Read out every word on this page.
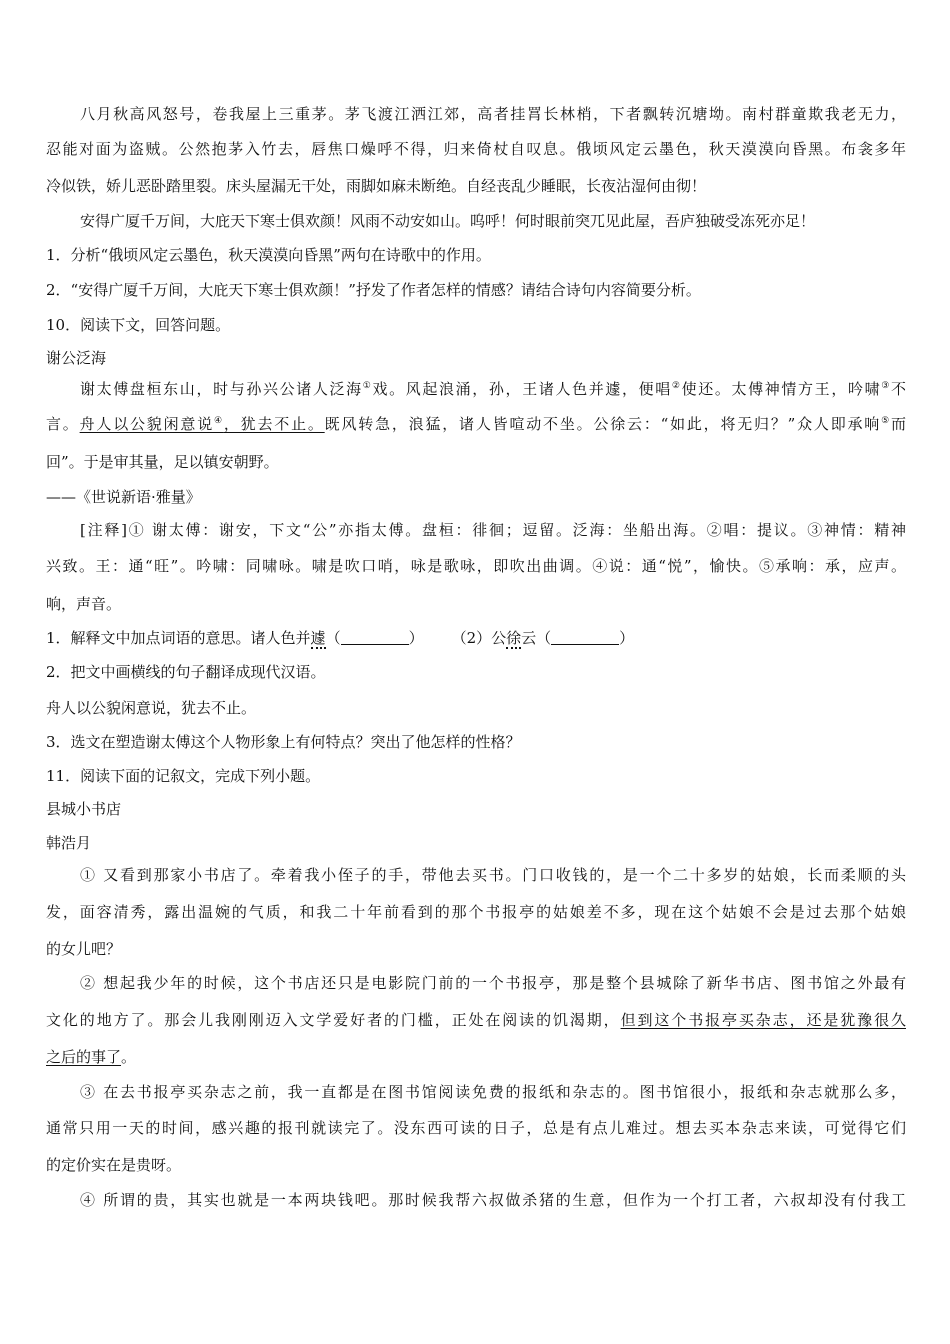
八月秋高风怒号，卷我屋上三重茅。茅飞渡江洒江郊，高者挂罥长林梢，下者飘转沉塘坳。南村群童欺我老无力，
忍能对面为盗贼。公然抱茅入竹去，唇焦口燥呼不得，归来倚杖自叹息。俄顷风定云墨色，秋天漠漠向昏黑。布衾多年
冷似铁，娇儿恶卧踏里裂。床头屋漏无干处，雨脚如麻未断绝。自经丧乱少睡眠，长夜沾湿何由彻！
安得广厦千万间，大庇天下寒士俱欢颜！风雨不动安如山。呜呼！何时眼前突兀见此屋，吾庐独破受冻死亦足！
1．分析“俄顷风定云墨色，秋天漠漠向昏黑”两句在诗歌中的作用。
2．“安得广厦千万间，大庇天下寒士俱欢颜！”抒发了作者怎样的情感？请结合诗句内容简要分析。
10．阅读下文，回答问题。
谢公泛海
谢太傅盘桓东山，时与孙兴公诸人泛海①戏。风起浪涌，孙，王诸人色并遽，便唱②使还。太傅神情方王，吟啸③不
言。舟人以公貌闲意说④，犹去不止。既风转急，浪猛，诸人皆喧动不坐。公徐云：“如此，将无归？”众人即承响⑤而
回”。于是审其量，足以镇安朝野。
——《世说新语·雅量》
[注释]① 谢太傅：谢安，下文“公”亦指太傅。盘桓：徘徊；逗留。泛海：坐船出海。②唱：提议。③神情：精神
兴致。王：通“旺”。吟啸：同啸咏。啸是吹口哨，咏是歌咏，即吹出曲调。④说：通“悦”，愉快。⑤承响：承，应声。
响，声音。
1．解释文中加点词语的意思。诸人色并遽（	） （2）公徐云（	）
2．把文中画横线的句子翻译成现代汉语。
舟人以公貌闲意说，犹去不止。
3．选文在塑造谢太傅这个人物形象上有何特点？突出了他怎样的性格？
11．阅读下面的记叙文，完成下列小题。
县城小书店
韩浩月
① 又看到那家小书店了。牵着我小侄子的手，带他去买书。门口收钱的，是一个二十多岁的姑娘，长而柔顺的头
发，面容清秀，露出温婉的气质，和我二十年前看到的那个书报亭的姑娘差不多，现在这个姑娘不会是过去那个姑娘
的女儿吧？
② 想起我少年的时候，这个书店还只是电影院门前的一个书报亭，那是整个县城除了新华书店、图书馆之外最有
文化的地方了。那会儿我刚刚迈入文学爱好者的门槛，正处在阅读的饥渴期，但到这个书报亭买杂志，还是犹豫很久
之后的事了。
③ 在去书报亭买杂志之前，我一直都是在图书馆阅读免费的报纸和杂志的。图书馆很小，报纸和杂志就那么多，
通常只用一天的时间，感兴趣的报刊就读完了。没东西可读的日子，总是有点儿难过。想去买本杂志来读，可觉得它们
的定价实在是贵呀。
④ 所谓的贵，其实也就是一本两块钱吧。那时候我帮六叔做杀猪的生意，但作为一个打工者，六叔却没有付我工
